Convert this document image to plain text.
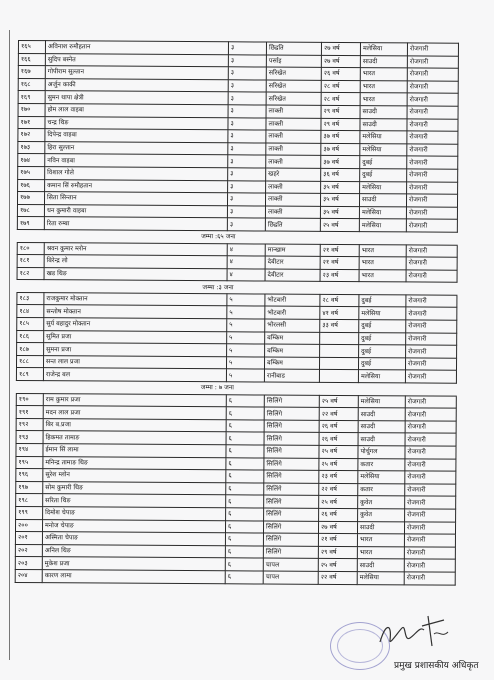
१६५	अविनाश रुमौहतान	३	छिद्रति	२७ वर्ष	मलेसिया	रोजगारी
१६६	सुदिप बस्नेत	३	पर्साइ	२७ वर्ष	साउदी	रोजगारी
१६७	गोपीराम सुल्तान	३	सरिखेत	२६ वर्ष	भारत	रोजगारी
१६८	अर्जुन काकी	३	सरिखेत	२८ वर्ष	भारत	रोजगारी
१६९	सुमन थापा क्षेत्री	३	सरिखेत	२८ वर्ष	भारत	रोजगारी
१७०	होम लाल वाइबा	३	लाक्ती	२९ वर्ष	साउदी	रोजगारी
१७१	चन्द्र थिङ	३	लाक्ती	२९ वर्ष	साउदी	रोजगारी
१७२	दिपेन्द्र वाइबा	३	लाक्ती	३७ वर्ष	मलेसिया	रोजगारी
१७३	हिरा सुल्तान	३	लाक्ती	३७ वर्ष	मलेसिया	रोजगारी
१७४	नविन वाइबा	३	लाक्ती	३७ वर्ष	दुबई	रोजगारी
१७५	विशाल गोले	३	खहरे	३६ वर्ष	दुबई	रोजगारी
१७६	कमान सिं रुमौहतान	३	लाक्ती	३५ वर्ष	मलेसिया	रोजगारी
१७७	सिता सिन्तान	३	लाक्ती	३५ वर्ष	साउदी	रोजगारी
१७८	धन कुमारी वाइबा	३	लाक्ती	३५ वर्ष	मलेसिया	रोजगारी
१७९	रिता रुम्बा	३	छिद्रति	२५ वर्ष	मलेसिया	रोजगारी
जम्मा :६५ जना						
१८०	श्रवन कुमार म्लोन	४	मान्खाम	२१ वर्ष	भारत	रोजगारी
१८१	बिरेन्द्र लो	४	देबीटार	२१ वर्ष	भारत	रोजगारी
१८२	खड थिङ	४	देबीटार	२३ वर्ष	भारत	रोजगारी
जम्मा :३ जना						
१८३	राजकुमार मोक्तान	५	भोटबारी	२८ वर्ष	दुबई	रोजगारी
१८४	सन्तोष मोक्तान	५	भोटबारी	४१ वर्ष	मलेसिया	रोजगारी
१८५	सुर्य बहादुर मोक्तान	५	भोरलसी	३३ वर्ष	दुबई	रोजगारी
१८६	सुमित प्रजा	५	बम्किम		दुबई	रोजगारी
१८७	सुमना प्रजा	५	बम्किम		दुबई	रोजगारी
१८८	सन्त लाल प्रजा	५	बम्किम		दुबई	रोजगारी
१८९	राजेन्द्र बल	५	रानीबाड		मलेसिया	रोजगारी
जम्मा : ७ जना						
१९०	राम कुमार प्रजा	६	सिलिंगे	२५ वर्ष	मलेसिया	रोजगारी
१९१	मदन लाल प्रजा	६	सिलिंगे	२२ वर्ष	साउदी	रोजगारी
१९२	बिर ब.प्रजा	६	सिलिंगे	२६ वर्ष	साउदी	रोजगारी
१९३	हिकमत तामाङ	६	सिलिंगे	२६ वर्ष	साउदी	रोजगारी
१९४	ईमान सिं लामा	६	सिलिंगे	२५ वर्ष	पोर्चुगल	रोजगारी
१९५	मनिन्द्र तामाङ थिङ	६	सिलिंगे	२५ वर्ष	कतार	रोजगारी
१९६	सुरेश म्लोन	६	सिलिंगे	२३ वर्ष	मलेसिया	रोजगारी
१९७	सोम कुमारी थिङ	६	सिलिंगे	२२ वर्ष	कतार	रोजगारी
१९८	सरिता थिङ	६	सिलिंगे	२५ वर्ष	कुवेत	रोजगारी
१९९	दिमोश चेपाङ	६	सिलिंगे	२६ वर्ष	कुवेत	रोजगारी
२००	मनोज चेपाङ	६	सिलिंगे	२७ वर्ष	साउदी	रोजगारी
२०१	अस्मिता चेपाङ	६	सिलिंगे	२१ वर्ष	भारत	रोजगारी
२०२	अनिल थिङ	६	सिलिंगे	२९ वर्ष	भारत	रोजगारी
२०३	मुकेश प्रजा	६	चापल	२५ वर्ष	साउदी	रोजगारी
२०४	कारण लामा	६	चापल	२२ वर्ष	मलेसिया	रोजगारी
प्रमुख प्रशासकीय अधिकृत
